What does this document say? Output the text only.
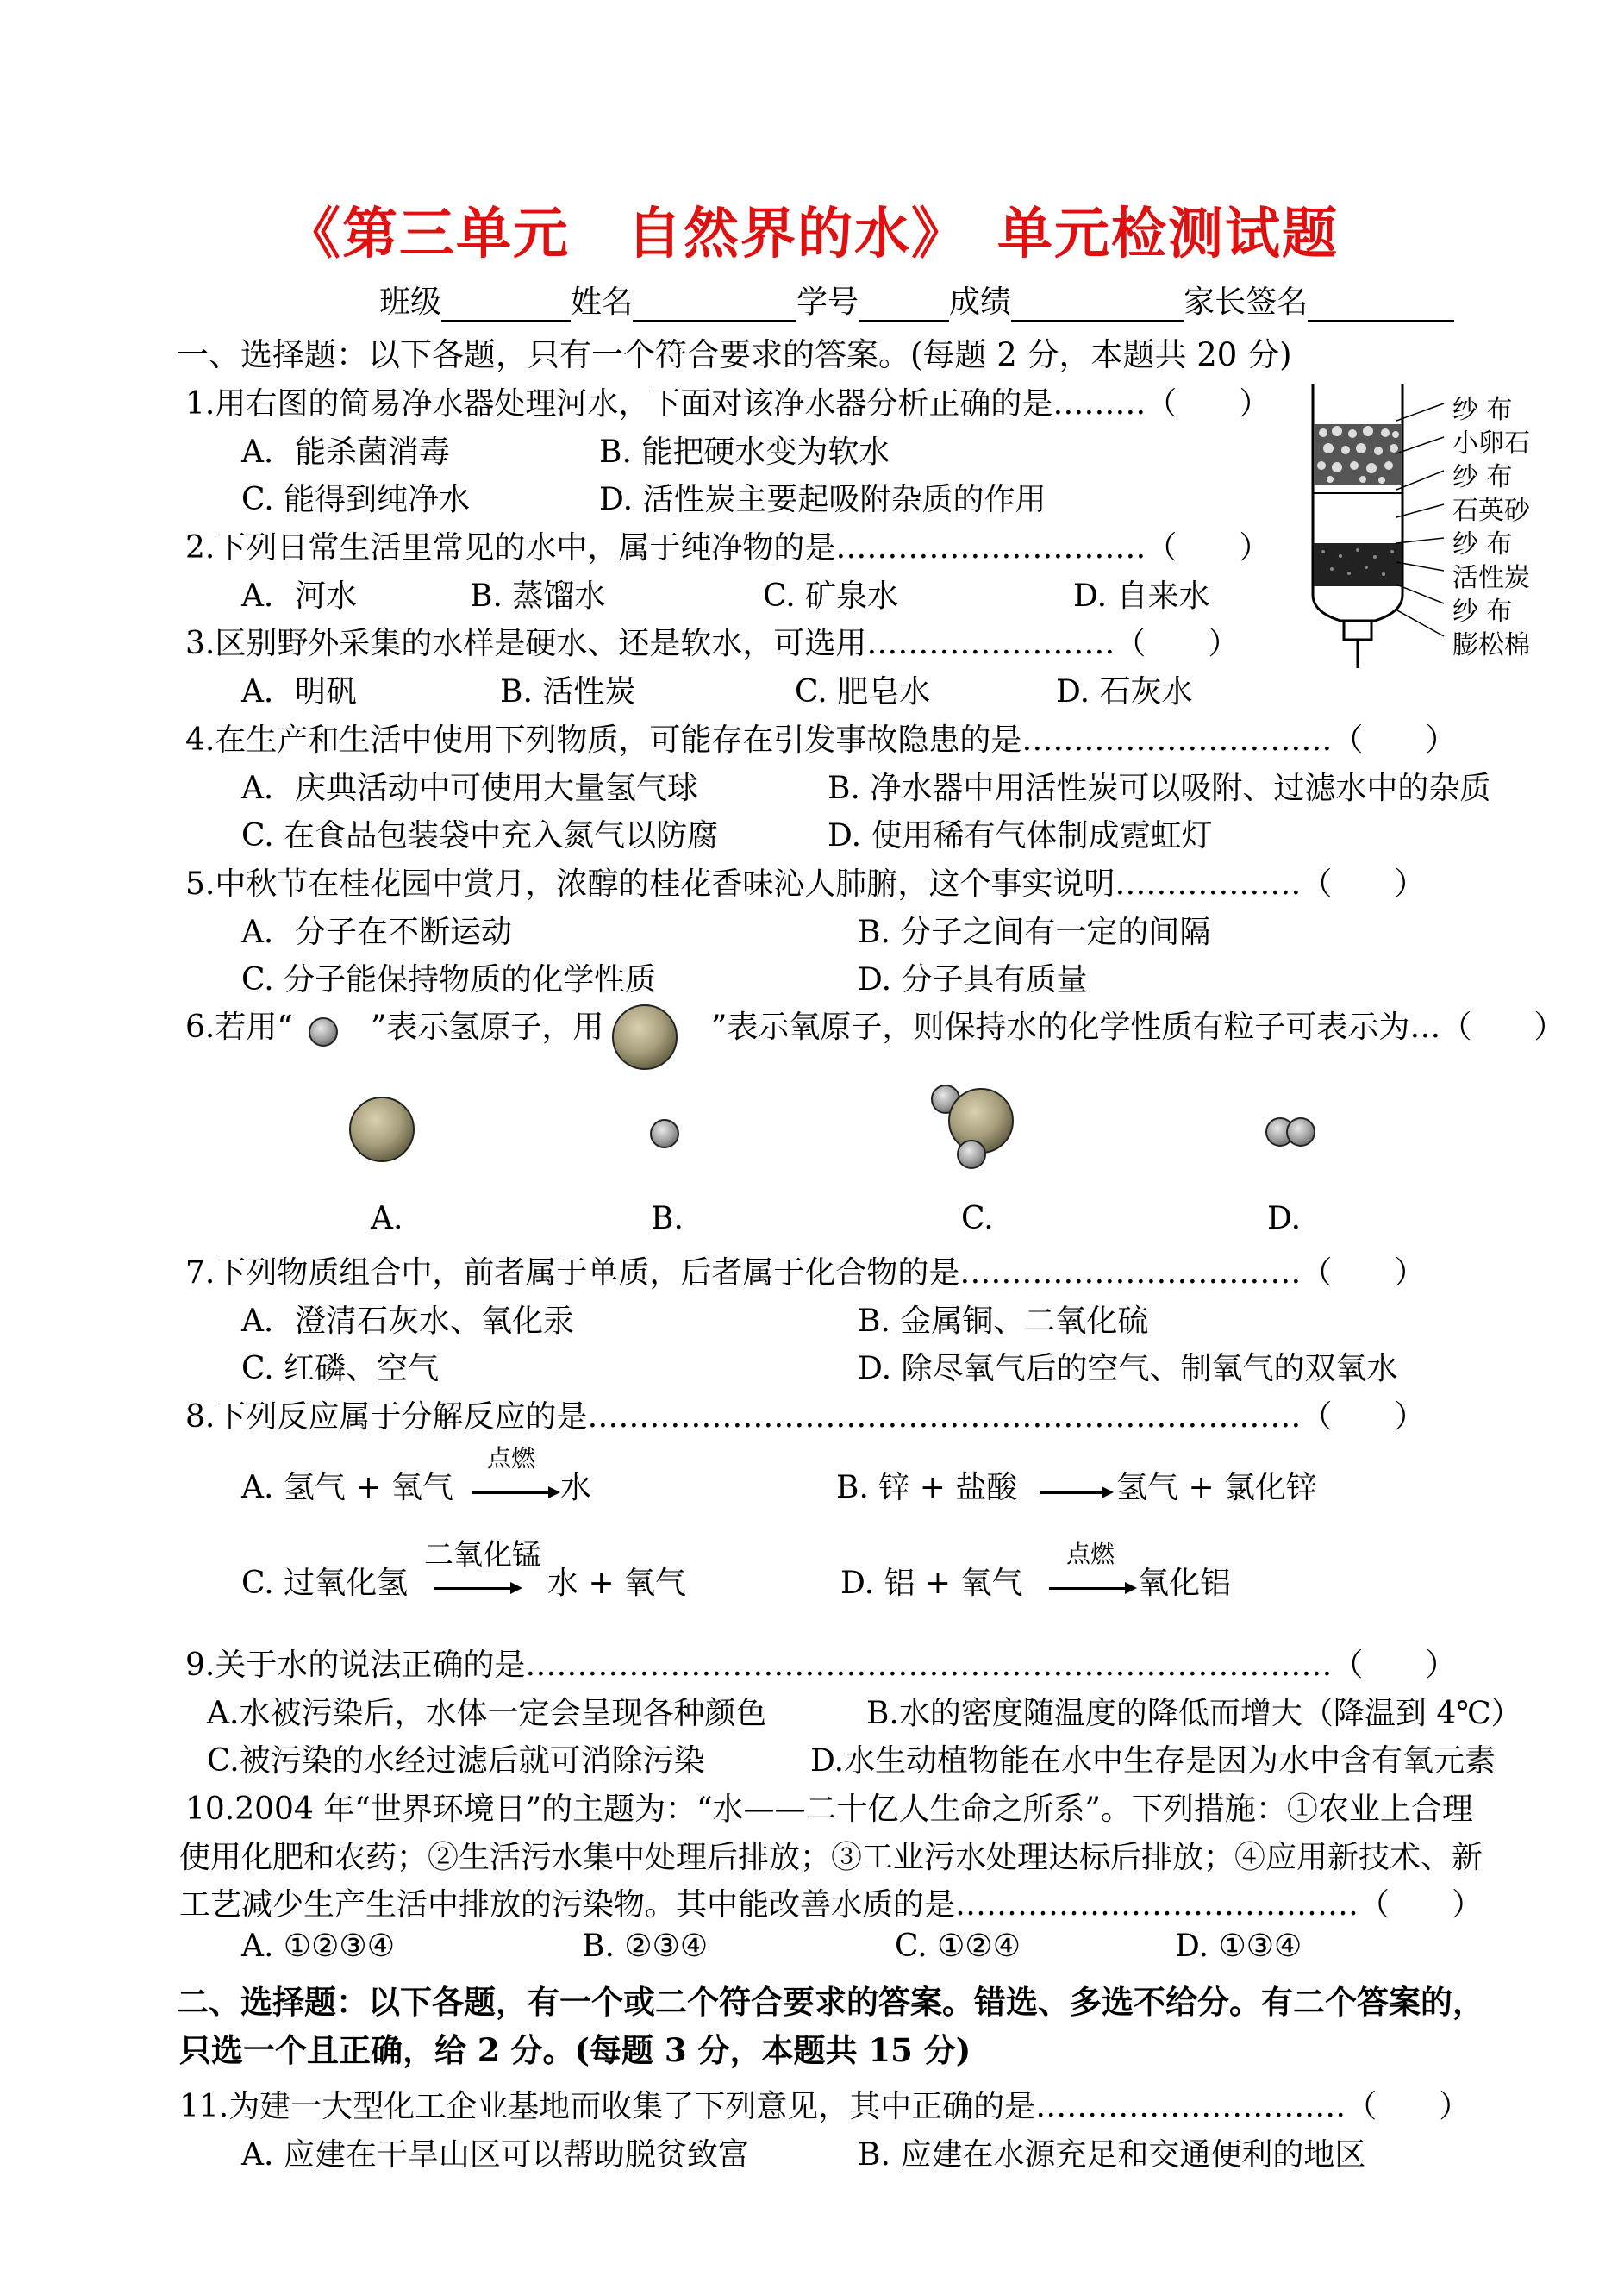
《第三单元　自然界的水》　单元检测试题
班级	姓名	学号	成绩	家长签名
一、选择题：以下各题，只有一个符合要求的答案。(每题 2 分，本题共 20 分)
1.用右图的简易净水器处理河水，下面对该净水器分析正确的是………（　　）
A．能杀菌消毒	B. 能把硬水变为软水
C. 能得到纯净水	D. 活性炭主要起吸附杂质的作用
纱 布
小卵石
纱 布
石英砂
纱 布
活性炭
纱 布
膨松棉
2.下列日常生活里常见的水中，属于纯净物的是…………………………（　　）
A．河水	B. 蒸馏水	C. 矿泉水	D. 自来水
3.区别野外采集的水样是硬水、还是软水，可选用……………………（　　）
A．明矾	B. 活性炭	C. 肥皂水	D. 石灰水
4.在生产和生活中使用下列物质，可能存在引发事故隐患的是…………………………（　　）
A．庆典活动中可使用大量氢气球	B. 净水器中用活性炭可以吸附、过滤水中的杂质
C. 在食品包装袋中充入氮气以防腐	D. 使用稀有气体制成霓虹灯
5.中秋节在桂花园中赏月，浓醇的桂花香味沁人肺腑，这个事实说明………………（　　）
A．分子在不断运动	B. 分子之间有一定的间隔
C. 分子能保持物质的化学性质	D. 分子具有质量
6.若用“	”表示氢原子，用	”表示氧原子，则保持水的化学性质有粒子可表示为…（　　）
A.	B.	C.	D.
7.下列物质组合中，前者属于单质，后者属于化合物的是……………………………（　　）
A．澄清石灰水、氧化汞	B. 金属铜、二氧化硫
C. 红磷、空气	D. 除尽氧气后的空气、制氧气的双氧水
8.下列反应属于分解反应的是……………………………………………………………（　　）
A. 氢气 + 氧气
点燃
水	B. 锌 + 盐酸	氢气 + 氯化锌
C. 过氧化氢
二氧化锰
水 + 氧气	D. 铝 + 氧气
点燃
氧化铝
9.关于水的说法正确的是……………………………………………………………………（　　）
A.水被污染后，水体一定会呈现各种颜色	B.水的密度随温度的降低而增大（降温到 4℃）
C.被污染的水经过滤后就可消除污染	D.水生动植物能在水中生存是因为水中含有氧元素
10.2004 年“世界环境日”的主题为：“水——二十亿人生命之所系”。下列措施：①农业上合理
使用化肥和农药；②生活污水集中处理后排放；③工业污水处理达标后排放；④应用新技术、新
工艺减少生产生活中排放的污染物。其中能改善水质的是…………………………………（　　）
A. ①②③④	B. ②③④	C. ①②④	D. ①③④
二、选择题：以下各题，有一个或二个符合要求的答案。错选、多选不给分。有二个答案的，
只选一个且正确，给 2 分。(每题 3 分，本题共 15 分)
11.为建一大型化工企业基地而收集了下列意见，其中正确的是…………………………（　　）
A. 应建在干旱山区可以帮助脱贫致富	B. 应建在水源充足和交通便利的地区
